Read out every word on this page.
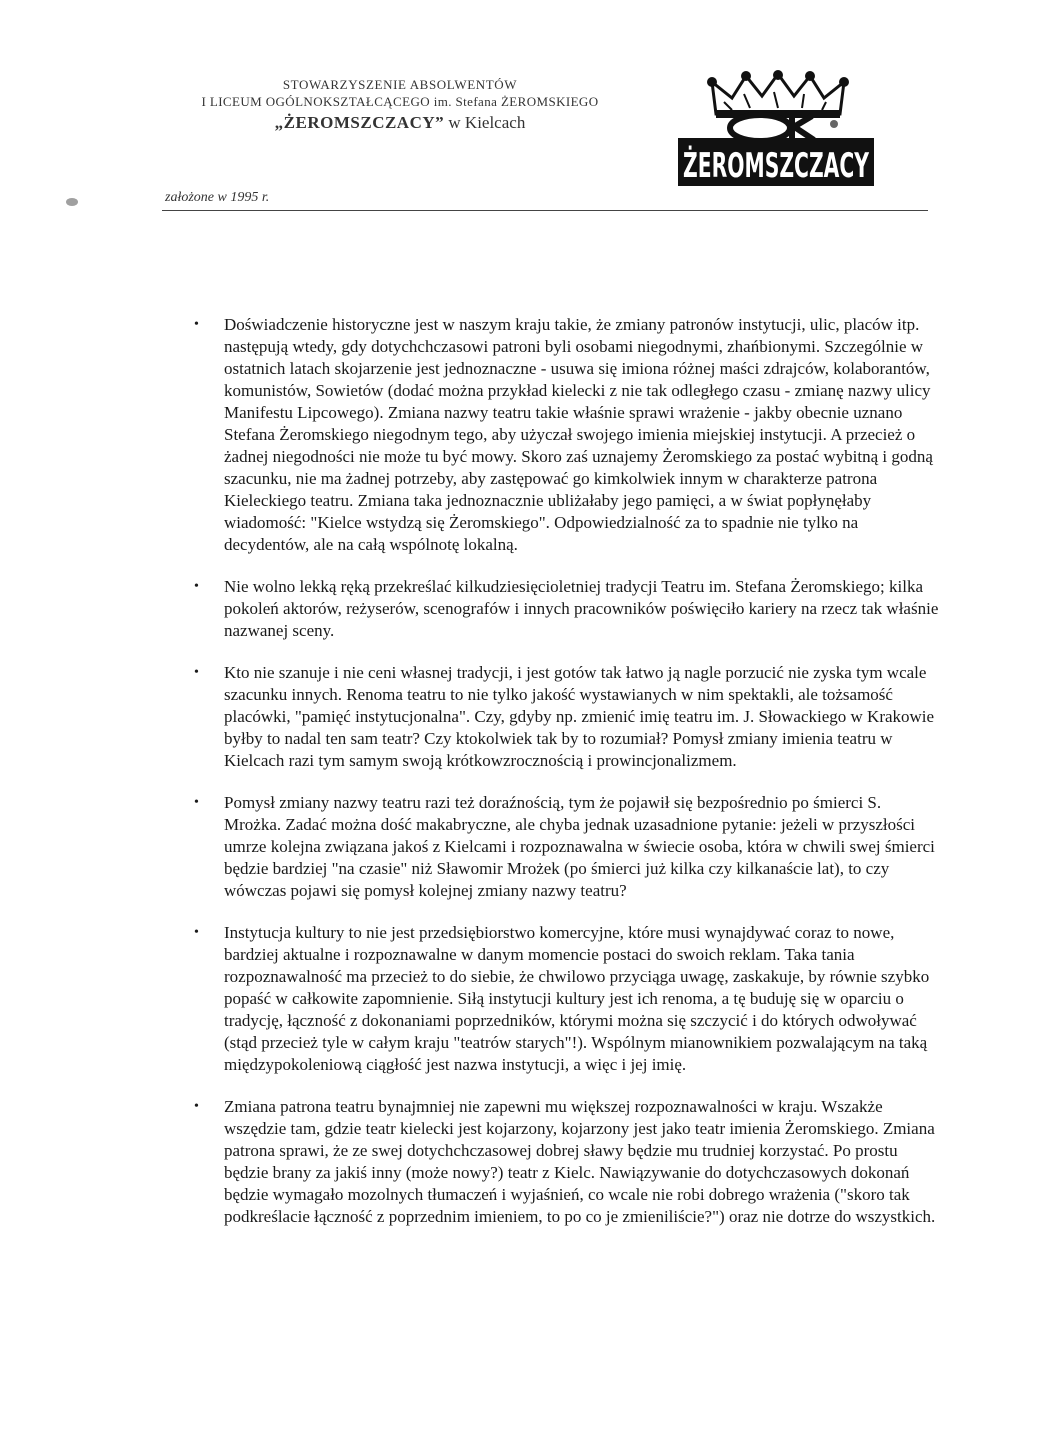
STOWARZYSZENIE ABSOLWENTÓW
I LICEUM OGÓLNOKSZTAŁCĄCEGO im. Stefana ŻEROMSKIEGO
„ŻEROMSZCZACY” w Kielcach
ŻEROMSZCZACY
założone w 1995 r.
• Doświadczenie historyczne jest w naszym kraju takie, że zmiany patronów instytucji, ulic, placów itp. następują wtedy, gdy dotychchczasowi patroni byli osobami niegodnymi, zhańbionymi. Szczególnie w ostatnich latach skojarzenie jest jednoznaczne - usuwa się imiona różnej maści zdrajców, kolaborantów, komunistów, Sowietów (dodać można przykład kielecki z nie tak odległego czasu - zmianę nazwy ulicy Manifestu Lipcowego). Zmiana nazwy teatru takie właśnie sprawi wrażenie - jakby obecnie uznano Stefana Żeromskiego niegodnym tego, aby użyczał swojego imienia miejskiej instytucji. A przecież o żadnej niegodności nie może tu być mowy. Skoro zaś uznajemy Żeromskiego za postać wybitną i godną szacunku, nie ma żadnej potrzeby, aby zastępować go kimkolwiek innym w charakterze patrona Kieleckiego teatru. Zmiana taka jednoznacznie ubliżałaby jego pamięci, a w świat popłynęłaby wiadomość: "Kielce wstydzą się Żeromskiego". Odpowiedzialność za to spadnie nie tylko na decydentów, ale na całą wspólnotę lokalną.
• Nie wolno lekką ręką przekreślać kilkudziesięcioletniej tradycji Teatru im. Stefana Żeromskiego; kilka pokoleń aktorów, reżyserów, scenografów i innych pracowników poświęciło kariery na rzecz tak właśnie nazwanej sceny.
• Kto nie szanuje i nie ceni własnej tradycji, i jest gotów tak łatwo ją nagle porzucić nie zyska tym wcale szacunku innych. Renoma teatru to nie tylko jakość wystawianych w nim spektakli, ale tożsamość placówki, "pamięć instytucjonalna". Czy, gdyby np. zmienić imię teatru im. J. Słowackiego w Krakowie byłby to nadal ten sam teatr? Czy ktokolwiek tak by to rozumiał? Pomysł zmiany imienia teatru w Kielcach razi tym samym swoją krótkowzrocznością i prowincjonalizmem.
• Pomysł zmiany nazwy teatru razi też doraźnością, tym że pojawił się bezpośrednio po śmierci S. Mrożka. Zadać można dość makabryczne, ale chyba jednak uzasadnione pytanie: jeżeli w przyszłości umrze kolejna związana jakoś z Kielcami i rozpoznawalna w świecie osoba, która w chwili swej śmierci będzie bardziej "na czasie" niż Sławomir Mrożek (po śmierci już kilka czy kilkanaście lat), to czy wówczas pojawi się pomysł kolejnej zmiany nazwy teatru?
• Instytucja kultury to nie jest przedsiębiorstwo komercyjne, które musi wynajdywać coraz to nowe, bardziej aktualne i rozpoznawalne w danym momencie postaci do swoich reklam. Taka tania rozpoznawalność ma przecież to do siebie, że chwilowo przyciąga uwagę, zaskakuje, by równie szybko popaść w całkowite zapomnienie. Siłą instytucji kultury jest ich renoma, a tę buduję się w oparciu o tradycję, łączność z dokonaniami poprzedników, którymi można się szczycić i do których odwoływać (stąd przecież tyle w całym kraju "teatrów starych"!). Wspólnym mianownikiem pozwalającym na taką międzypokoleniową ciągłość jest nazwa instytucji, a więc i jej imię.
• Zmiana patrona teatru bynajmniej nie zapewni mu większej rozpoznawalności w kraju. Wszakże wszędzie tam, gdzie teatr kielecki jest kojarzony, kojarzony jest jako teatr imienia Żeromskiego. Zmiana patrona sprawi, że ze swej dotychchczasowej dobrej sławy będzie mu trudniej korzystać. Po prostu będzie brany za jakiś inny (może nowy?) teatr z Kielc. Nawiązywanie do dotychczasowych dokonań będzie wymagało mozolnych tłumaczeń i wyjaśnień, co wcale nie robi dobrego wrażenia ("skoro tak podkreślacie łączność z poprzednim imieniem, to po co je zmieniliście?") oraz nie dotrze do wszystkich.
